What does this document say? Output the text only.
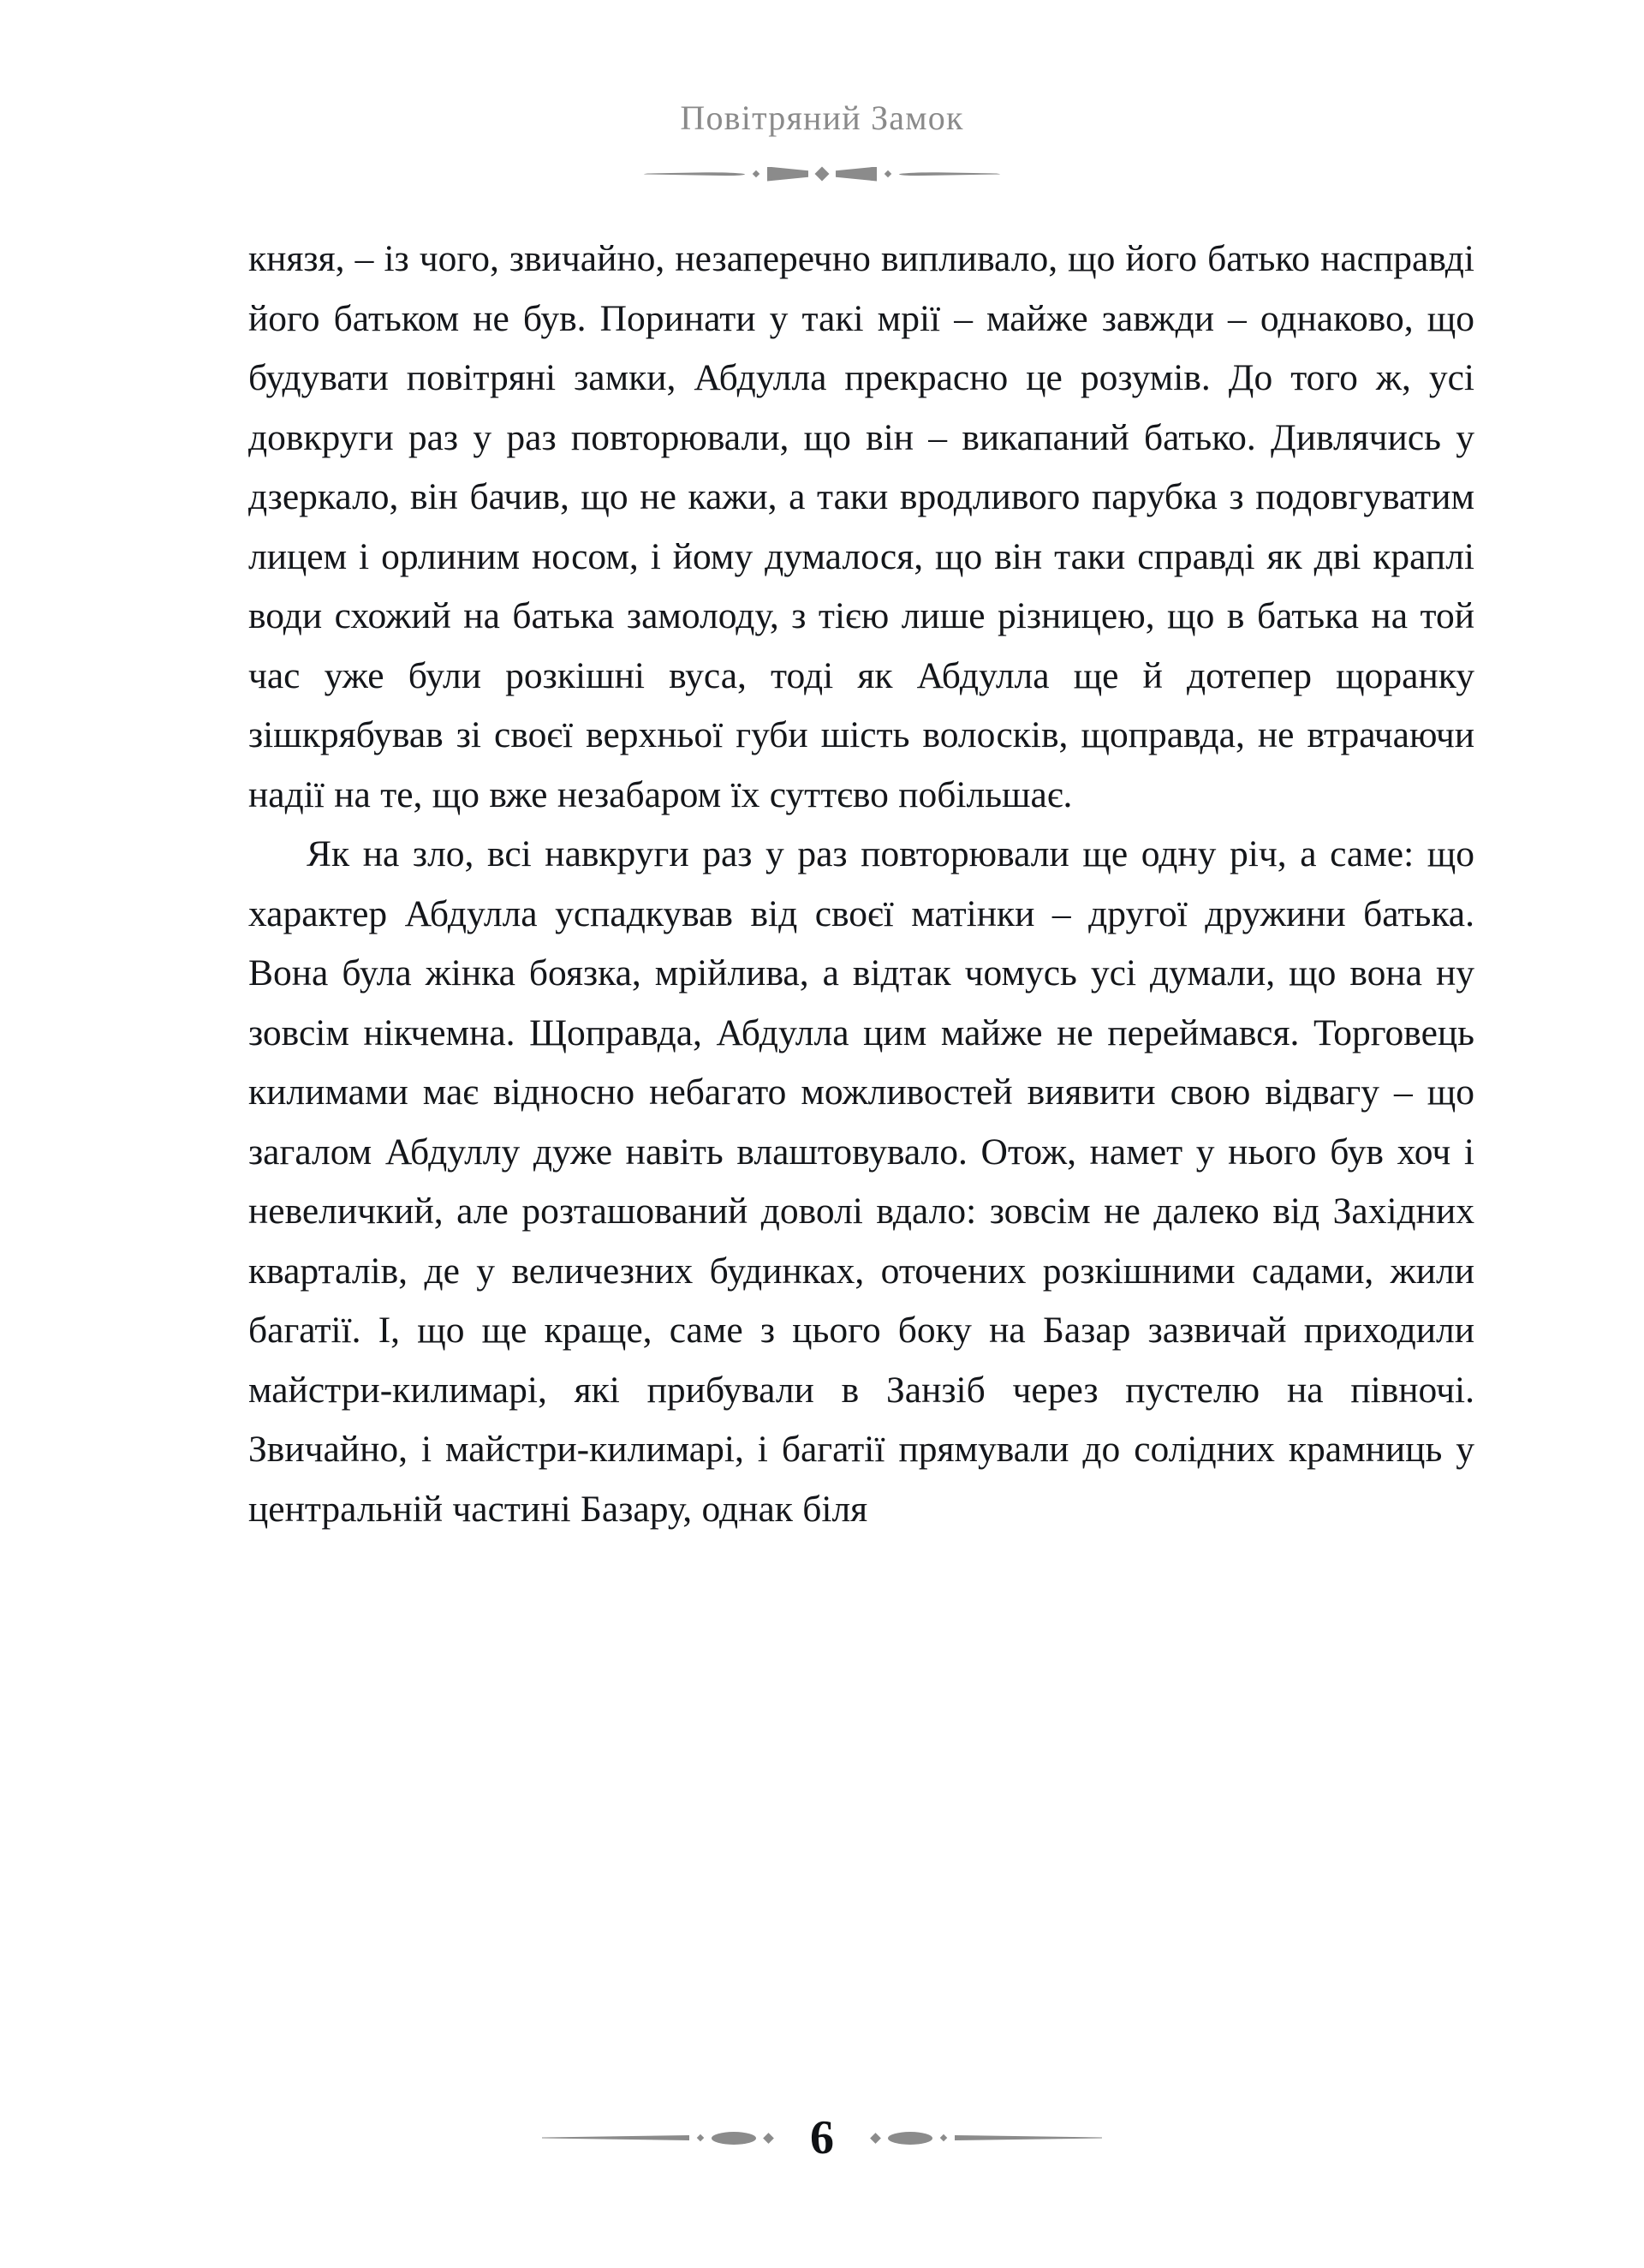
Повітряний Замок

князя, – із чого, звичайно, незаперечно випливало, що його батько насправді його батьком не був. Поринати у такі мрії – майже завжди – однаково, що будувати повітряні замки, Абдулла прекрасно це розумів. До того ж, усі довкруги раз у раз повторювали, що він – викапаний батько. Дивлячись у дзеркало, він бачив, що не кажи, а таки вродливого парубка з подовгуватим лицем і орлиним носом, і йому думалося, що він таки справді як дві краплі води схожий на батька замолоду, з тією лише різницею, що в батька на той час уже були розкішні вуса, тоді як Абдулла ще й дотепер щоранку зішкрябував зі своєї верхньої губи шість волосків, щоправда, не втрачаючи надії на те, що вже незабаром їх суттєво побільшає.

Як на зло, всі навкруги раз у раз повторювали ще одну річ, а саме: що характер Абдулла успадкував від своєї матінки – другої дружини батька. Вона була жінка боязка, мрійлива, а відтак чомусь усі думали, що вона ну зовсім нікчемна. Щоправда, Абдулла цим майже не переймався. Торговець килимами має відносно небагато можливостей виявити свою відвагу – що загалом Абдуллу дуже навіть влаштовувало. Отож, намет у нього був хоч і невеличкий, але розташований доволі вдало: зовсім не далеко від Західних кварталів, де у величезних будинках, оточених розкішними садами, жили багатії. І, що ще краще, саме з цього боку на Базар зазвичай приходили майстри-килимарі, які прибували в Занзіб через пустелю на півночі. Звичайно, і майстри-килимарі, і багатії прямували до солідних крамниць у центральній частині Базару, однак біля

6
